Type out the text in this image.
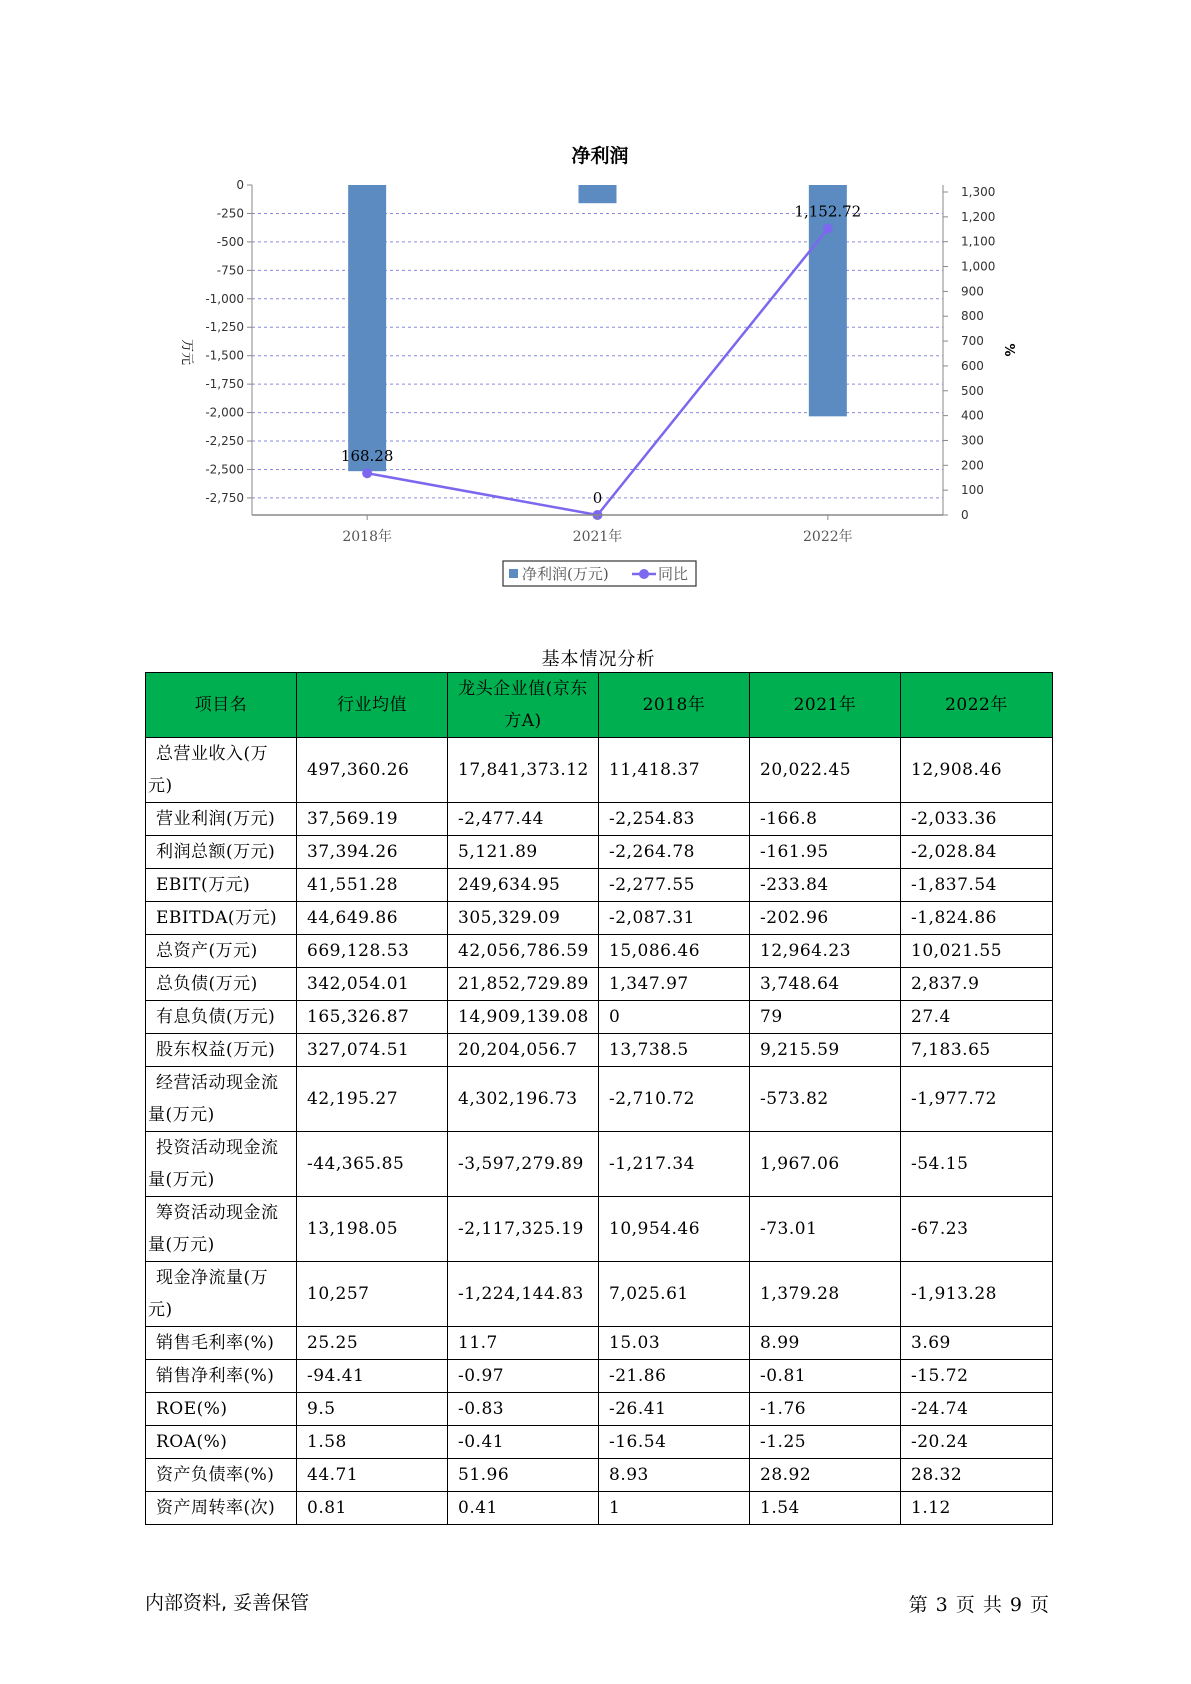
净利润
168.28
0
1,152.72
0
-250
-500
-750
-1,000
-1,250
-1,500
-1,750
-2,000
-2,250
-2,500
-2,750
0
100
200
300
400
500
600
700
800
900
1,000
1,100
1,200
1,300
2018年	2021年	2022年
万元	%
净利润(万元)	同比
基本情况分析
项目名	行业均值	龙头企业值(京东方A)	2018年	2021年	2022年
总营业收入(万元)	497,360.26	17,841,373.12	11,418.37	20,022.45	12,908.46
营业利润(万元)	37,569.19	-2,477.44	-2,254.83	-166.8	-2,033.36
利润总额(万元)	37,394.26	5,121.89	-2,264.78	-161.95	-2,028.84
EBIT(万元)	41,551.28	249,634.95	-2,277.55	-233.84	-1,837.54
EBITDA(万元)	44,649.86	305,329.09	-2,087.31	-202.96	-1,824.86
总资产(万元)	669,128.53	42,056,786.59	15,086.46	12,964.23	10,021.55
总负债(万元)	342,054.01	21,852,729.89	1,347.97	3,748.64	2,837.9
有息负债(万元)	165,326.87	14,909,139.08	0	79	27.4
股东权益(万元)	327,074.51	20,204,056.7	13,738.5	9,215.59	7,183.65
经营活动现金流量(万元)	42,195.27	4,302,196.73	-2,710.72	-573.82	-1,977.72
投资活动现金流量(万元)	-44,365.85	-3,597,279.89	-1,217.34	1,967.06	-54.15
筹资活动现金流量(万元)	13,198.05	-2,117,325.19	10,954.46	-73.01	-67.23
现金净流量(万元)	10,257	-1,224,144.83	7,025.61	1,379.28	-1,913.28
销售毛利率(%)	25.25	11.7	15.03	8.99	3.69
销售净利率(%)	-94.41	-0.97	-21.86	-0.81	-15.72
ROE(%)	9.5	-0.83	-26.41	-1.76	-24.74
ROA(%)	1.58	-0.41	-16.54	-1.25	-20.24
资产负债率(%)	44.71	51.96	8.93	28.92	28.32
资产周转率(次)	0.81	0.41	1	1.54	1.12
内部资料, 妥善保管	第 3 页 共 9 页
